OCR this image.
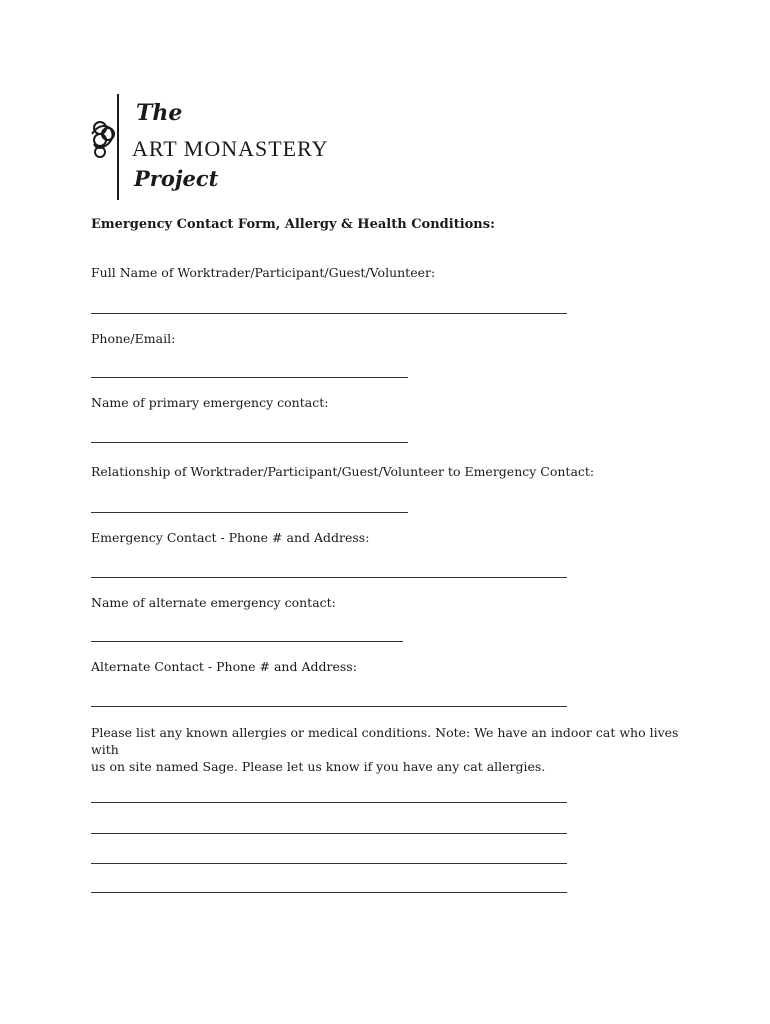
The
ART MONASTERY
Project

Emergency Contact Form, Allergy & Health Conditions:

Full Name of Worktrader/Participant/Guest/Volunteer:

Phone/Email:

Name of primary emergency contact:

Relationship of Worktrader/Participant/Guest/Volunteer to Emergency Contact:

Emergency Contact - Phone # and Address:

Name of alternate emergency contact:

Alternate Contact - Phone # and Address:

Please list any known allergies or medical conditions. Note: We have an indoor cat who lives with
us on site named Sage. Please let us know if you have any cat allergies.
